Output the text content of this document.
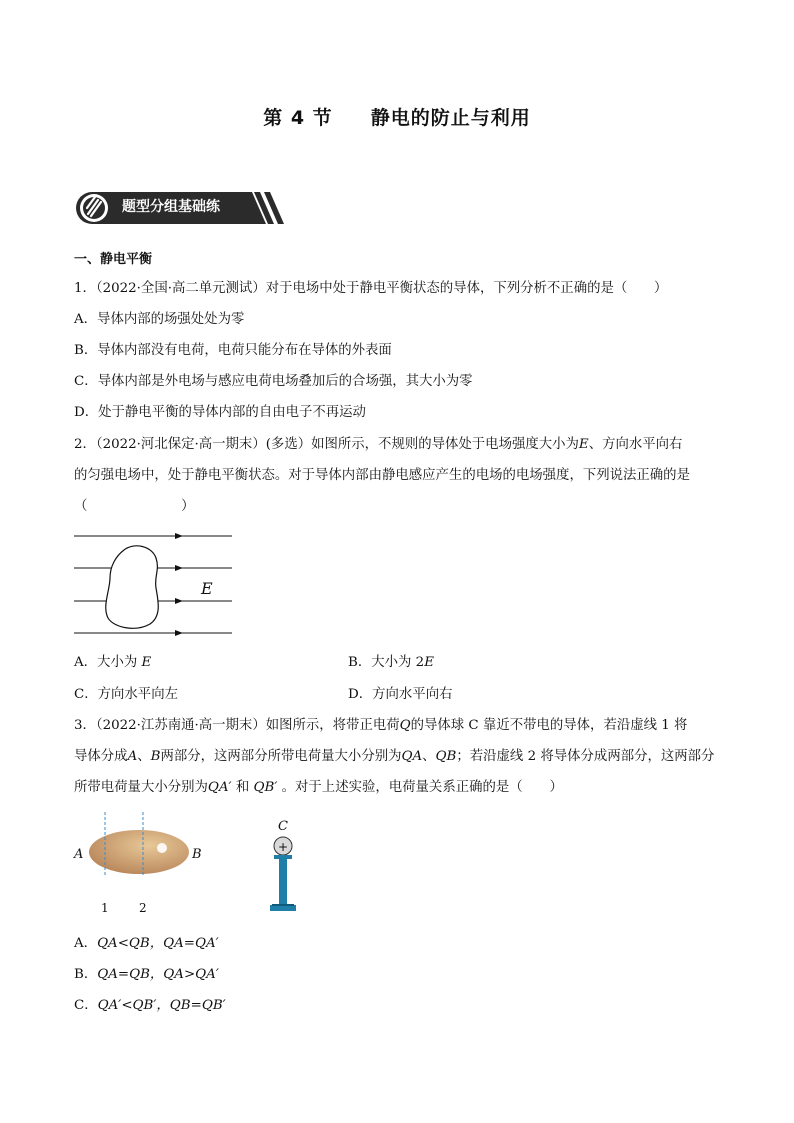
第 4 节     静电的防止与利用
题型分组基础练
一、静电平衡
1．（2022·全国·高二单元测试）对于电场中处于静电平衡状态的导体，下列分析不正确的是（　　）
A．导体内部的场强处处为零
B．导体内部没有电荷，电荷只能分布在导体的外表面
C．导体内部是外电场与感应电荷电场叠加后的合场强，其大小为零
D．处于静电平衡的导体内部的自由电子不再运动
2．（2022·河北保定·高一期末）(多选）如图所示，不规则的导体处于电场强度大小为E、方向水平向右
的匀强电场中，处于静电平衡状态。对于导体内部由静电感应产生的电场的电场强度，下列说法正确的是
（　　　　　　　）
E
A．大小为 E	B．大小为 2E
C．方向水平向左	D．方向水平向右
3．（2022·江苏南通·高一期末）如图所示，将带正电荷Q的导体球 C 靠近不带电的导体，若沿虚线 1 将
导体分成A、B两部分，这两部分所带电荷量大小分别为QA、QB；若沿虚线 2 将导体分成两部分，这两部分
所带电荷量大小分别为QA′ 和 QB′ 。对于上述实验，电荷量关系正确的是（　　）
A	B
1	2
C
+
A．QA<QB，QA=QA′
B．QA=QB，QA>QA′
C．QA′<QB′，QB=QB′
